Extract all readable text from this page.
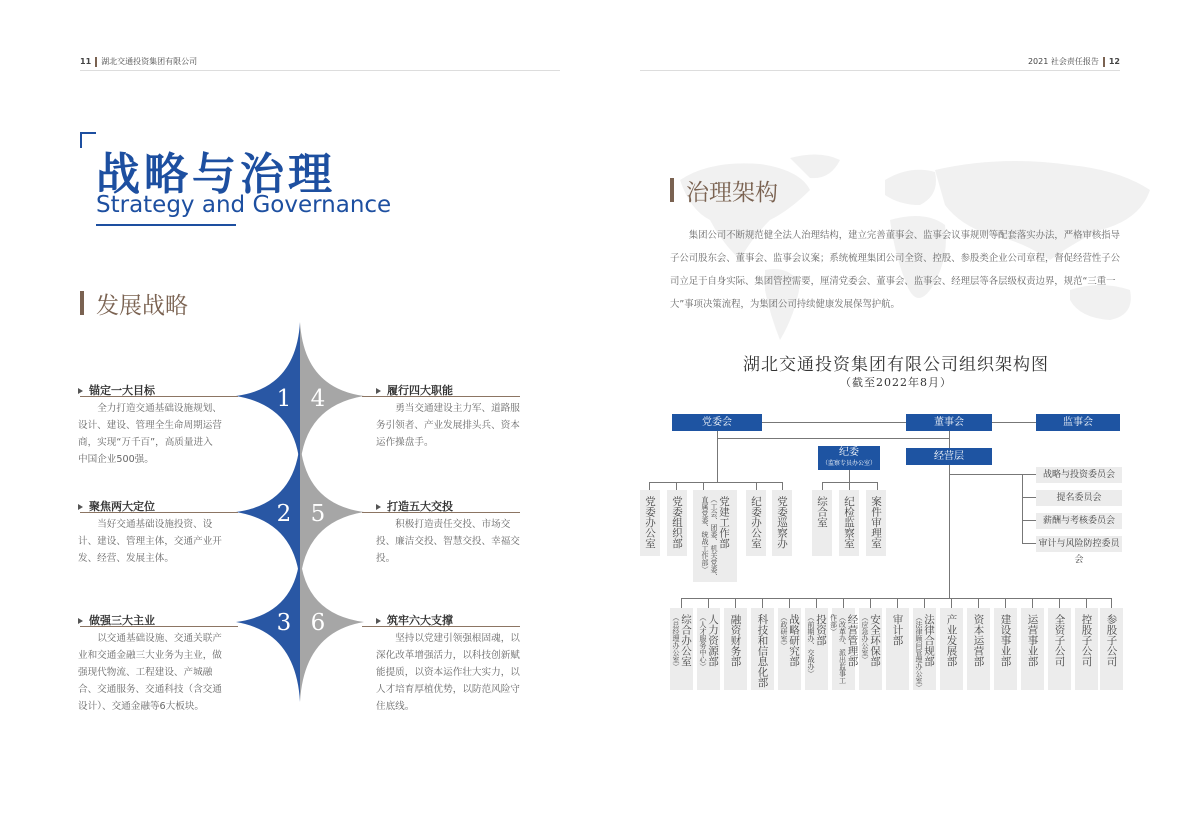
11 湖北交通投资集团有限公司	2021 社会责任报告 12
战略与治理
Strategy and Governance
发展战略
1 4
2 5
3 6
锚定一大目标
全力打造交通基础设施规划、
设计、建设、管理全生命周期运营
商，实现“万千百”，高质量进入
中国企业500强。
聚焦两大定位
当好交通基础设施投资、设
计、建设、管理主体，交通产业开
发、经营、发展主体。
做强三大主业
以交通基础设施、交通关联产
业和交通金融三大业务为主业，做
强现代物流、工程建设、产城融
合、交通服务、交通科技（含交通
设计）、交通金融等6大板块。
履行四大职能
勇当交通建设主力军、道路服
务引领者、产业发展排头兵、资本
运作操盘手。
打造五大交投
积极打造责任交投、市场交
投、廉洁交投、智慧交投、幸福交
投。
筑牢六大支撑
坚持以党建引领强根固魂，以
深化改革增强活力，以科技创新赋
能提质，以资本运作壮大实力，以
人才培育厚植优势，以防范风险守
住底线。
治理架构
集团公司不断规范健全法人治理结构，建立完善董事会、监事会议事规则等配套落实办法，严格审核指导子公司股东会、董事会、监事会议案；系统梳理集团公司全资、控股、参股类企业公司章程，督促经营性子公司立足于自身实际、集团管控需要，厘清党委会、董事会、监事会、经理层等各层级权责边界，规范“三重一大”事项决策流程，为集团公司持续健康发展保驾护航。
湖北交通投资集团有限公司组织架构图
（截至2022年8月）
党委会	董事会	监事会
纪委
（监察专员办公室）
经营层
战略与投资委员会
提名委员会
薪酬与考核委员会
审计与风险防控委员会
党委办公室 党委组织部	党建工作部
（工会、团委、机关党委、直属党委、统战工作部）	纪委办公室 党委巡察办	综合室 纪检监察室 案件审理室
综合办公室
（总经理办公室）	人力资源部
（人才服务中心） 融资财务部 科技和信息化部 战略研究部
（政研室）	投资部
（前期办、交战办）	经营管理部
（改革办、派出监事工作部）	安全环保部
（应急办公室） 审计部 法律合规部
（法律顾问管理办公室） 产业发展部 资本运营部 建设事业部 运营事业部 全资子公司 控股子公司 参股子公司
